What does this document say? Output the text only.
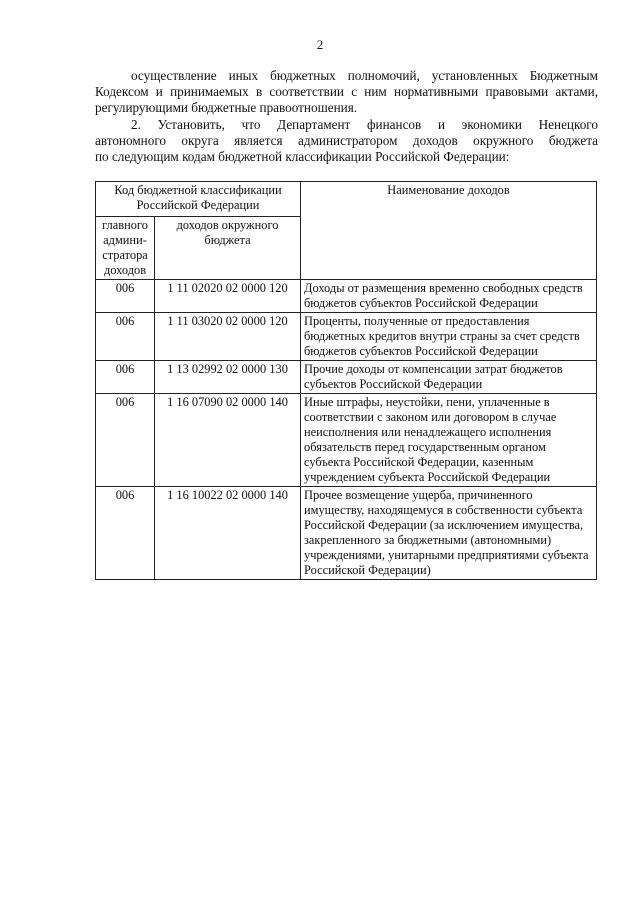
2

осуществление иных бюджетных полномочий, установленных Бюджетным
Кодексом и принимаемых в соответствии с ним нормативными правовыми актами,
регулирующими бюджетные правоотношения.

2. Установить, что Департамент финансов и экономики Ненецкого
автономного округа является администратором доходов окружного бюджета
по следующим кодам бюджетной классификации Российской Федерации:

Код бюджетной классификации Российской Федерации		Наименование доходов
главного админи-стратора доходов	доходов окружного бюджета	
006	1 11 02020 02 0000 120	Доходы от размещения временно свободных средств бюджетов субъектов Российской Федерации
006	1 11 03020 02 0000 120	Проценты, полученные от предоставления бюджетных кредитов внутри страны за счет средств бюджетов субъектов Российской Федерации
006	1 13 02992 02 0000 130	Прочие доходы от компенсации затрат бюджетов субъектов Российской Федерации
006	1 16 07090 02 0000 140	Иные штрафы, неустойки, пени, уплаченные в соответствии с законом или договором в случае неисполнения или ненадлежащего исполнения обязательств перед государственным органом субъекта Российской Федерации, казенным учреждением субъекта Российской Федерации
006	1 16 10022 02 0000 140	Прочее возмещение ущерба, причиненного имуществу, находящемуся в собственности субъекта Российской Федерации (за исключением имущества, закрепленного за бюджетными (автономными) учреждениями, унитарными предприятиями субъекта Российской Федерации)
